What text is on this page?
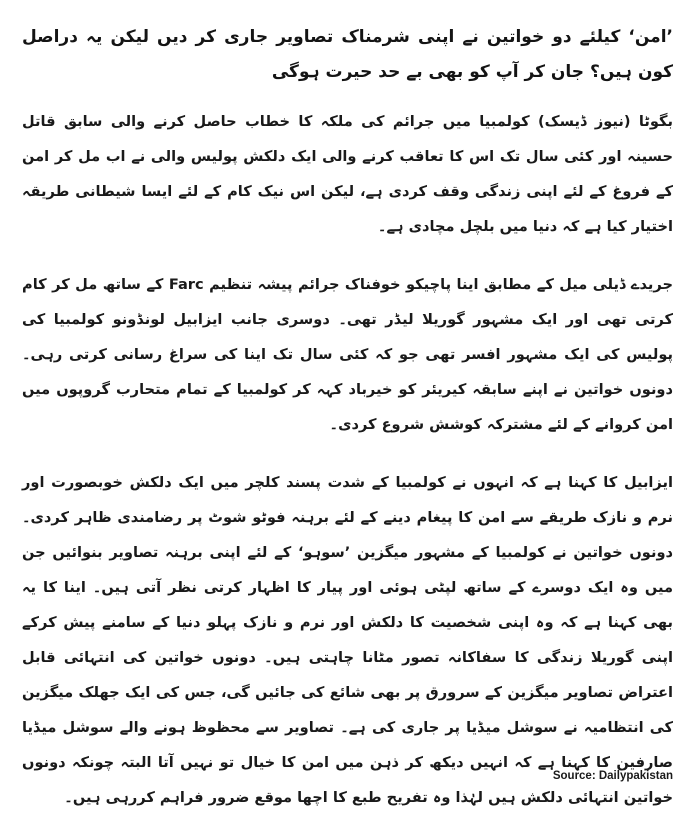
’امن‘ کیلئے دو خواتین نے اپنی شرمناک تصاویر جاری کر دیں لیکن یہ دراصل کون ہیں؟ جان کر آپ کو بھی بے حد حیرت ہوگی
بگوٹا (نیوز ڈیسک) کولمبیا میں جرائم کی ملکہ کا خطاب حاصل کرنے والی سابق قاتل حسینہ اور کئی سال تک اس کا تعاقب کرنے والی ایک دلکش پولیس والی نے اب مل کر امن کے فروغ کے لئے اپنی زندگی وقف کردی ہے، لیکن اس نیک کام کے لئے ایسا شیطانی طریقہ اختیار کیا ہے کہ دنیا میں بلچل مچادی ہے۔
جریدے ڈیلی میل کے مطابق اینا پاچیکو خوفناک جرائم پیشہ تنظیم Farc کے ساتھ مل کر کام کرتی تھی اور ایک مشہور گوریلا لیڈر تھی۔ دوسری جانب ایزابیل لونڈونو کولمبیا کی پولیس کی ایک مشہور افسر تھی جو کہ کئی سال تک اینا کی سراغ رسانی کرتی رہی۔ دونوں خواتین نے اپنے سابقہ کیریئر کو خیرباد کہہ کر کولمبیا کے تمام متحارب گروپوں میں امن کروانے کے لئے مشترکہ کوشش شروع کردی۔
ایزابیل کا کہنا ہے کہ انہوں نے کولمبیا کے شدت پسند کلچر میں ایک دلکش خوبصورت اور نرم و نازک طریقے سے امن کا پیغام دینے کے لئے برہنہ فوٹو شوٹ پر رضامندی ظاہر کردی۔ دونوں خواتین نے کولمبیا کے مشہور میگزین ’سوہو‘ کے لئے اپنی برہنہ تصاویر بنوائیں جن میں وہ ایک دوسرے کے ساتھ لپٹی ہوئی اور پیار کا اظہار کرتی نظر آتی ہیں۔ اینا کا یہ بھی کہنا ہے کہ وہ اپنی شخصیت کا دلکش اور نرم و نازک پہلو دنیا کے سامنے پیش کرکے اپنی گوریلا زندگی کا سفاکانہ تصور مٹانا چاہتی ہیں۔ دونوں خواتین کی انتہائی قابل اعتراض تصاویر میگزین کے سرورق پر بھی شائع کی جائیں گی، جس کی ایک جھلک میگزین کی انتظامیہ نے سوشل میڈیا پر جاری کی ہے۔ تصاویر سے محظوظ ہونے والے سوشل میڈیا صارفین کا کہنا ہے کہ انہیں دیکھ کر ذہن میں امن کا خیال تو نہیں آتا البتہ چونکہ دونوں خواتین انتہائی دلکش ہیں لہٰذا وہ تفریح طبع کا اچھا موقع ضرور فراہم کررہی ہیں۔
Source: Dailypakistan
